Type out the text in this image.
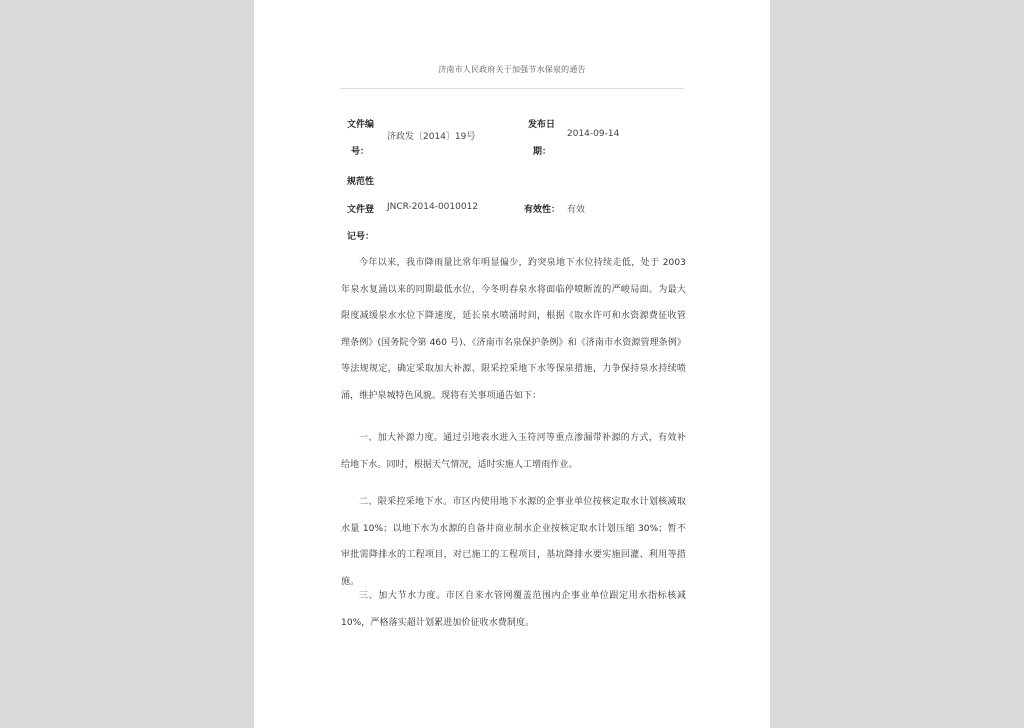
济南市人民政府关于加强节水保泉的通告
文件编
号：
济政发〔2014〕19号
发布日
期：
2014-09-14
规范性
文件登
记号：
JNCR-2014-0010012	有效性： 有效

今年以来，我市降雨量比常年明显偏少，趵突泉地下水位持续走低，处于 2003 年泉水复涌以来的同期最低水位，今冬明春泉水将面临停喷断流的严峻局面。为最大限度减缓泉水水位下降速度，延长泉水喷涌时间，根据《取水许可和水资源费征收管理条例》(国务院令第 460 号)、《济南市名泉保护条例》和《济南市水资源管理条例》等法规规定，确定采取加大补源、限采控采地下水等保泉措施，力争保持泉水持续喷涌，维护泉城特色风貌。现将有关事项通告如下：

一、加大补源力度。通过引地表水进入玉符河等重点渗漏带补源的方式，有效补给地下水。同时，根据天气情况，适时实施人工增雨作业。

二、限采控采地下水。市区内使用地下水源的企事业单位按核定取水计划核减取水量 10%；以地下水为水源的自备井商业制水企业按核定取水计划压缩 30%；暂不审批需降排水的工程项目，对已施工的工程项目，基坑降排水要实施回灌、利用等措施。

三、加大节水力度。市区自来水管网覆盖范围内企事业单位跟定用水指标核减 10%，严格落实超计划累进加价征收水费制度。
